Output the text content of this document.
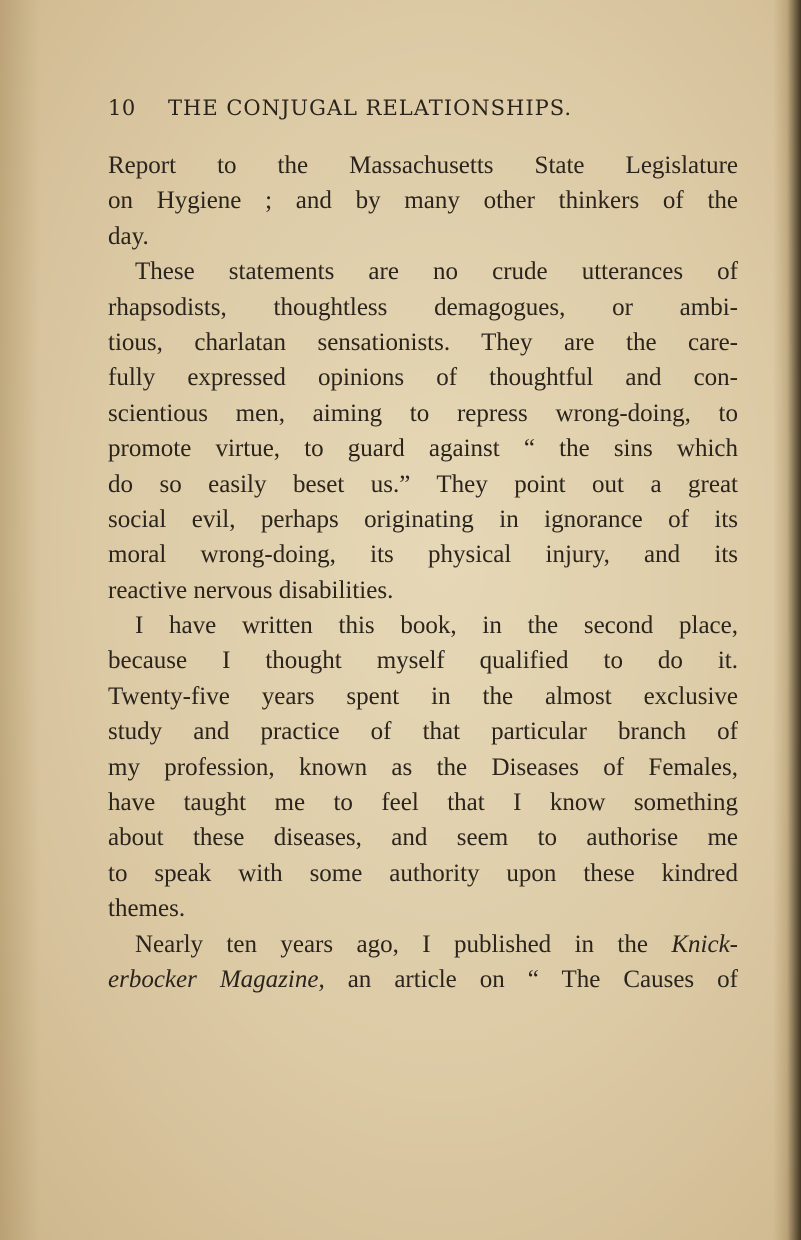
10 THE CONJUGAL RELATIONSHIPS.
Report to the Massachusetts State Legislature
on Hygiene ; and by many other thinkers of the
day.
These statements are no crude utterances of
rhapsodists, thoughtless demagogues, or ambi-
tious, charlatan sensationists. They are the care-
fully expressed opinions of thoughtful and con-
scientious men, aiming to repress wrong-doing, to
promote virtue, to guard against “ the sins which
do so easily beset us.” They point out a great
social evil, perhaps originating in ignorance of its
moral wrong-doing, its physical injury, and its
reactive nervous disabilities.
I have written this book, in the second place,
because I thought myself qualified to do it.
Twenty-five years spent in the almost exclusive
study and practice of that particular branch of
my profession, known as the Diseases of Females,
have taught me to feel that I know something
about these diseases, and seem to authorise me
to speak with some authority upon these kindred
themes.
Nearly ten years ago, I published in the Knick-
erbocker Magazine, an article on “ The Causes of
